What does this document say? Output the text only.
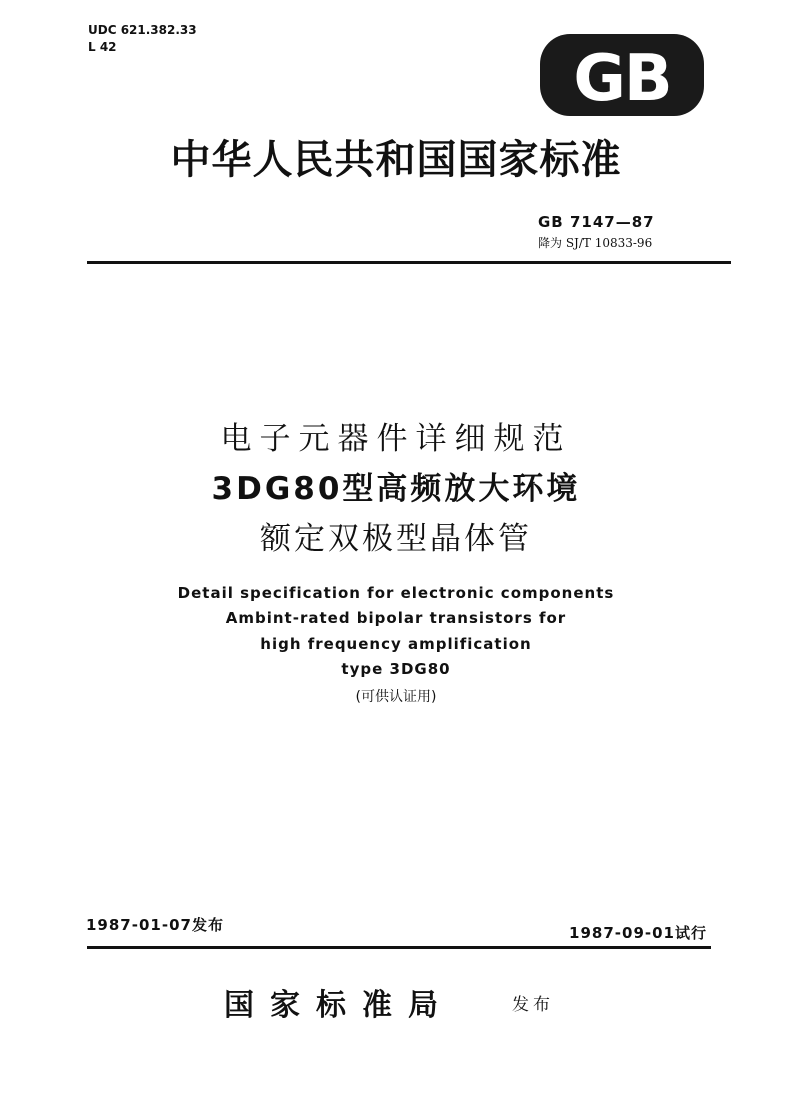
UDC 621.382.33
L 42	GB
中华人民共和国国家标准
GB 7147—87
降为 SJ/T 10833-96
电子元器件详细规范
3DG80型高频放大环境
额定双极型晶体管
Detail specification for electronic components
Ambint-rated bipolar transistors for
high frequency amplification
type 3DG80
(可供认证用)
1987-01-07发布	1987-09-01试行
国家标准局	发布
